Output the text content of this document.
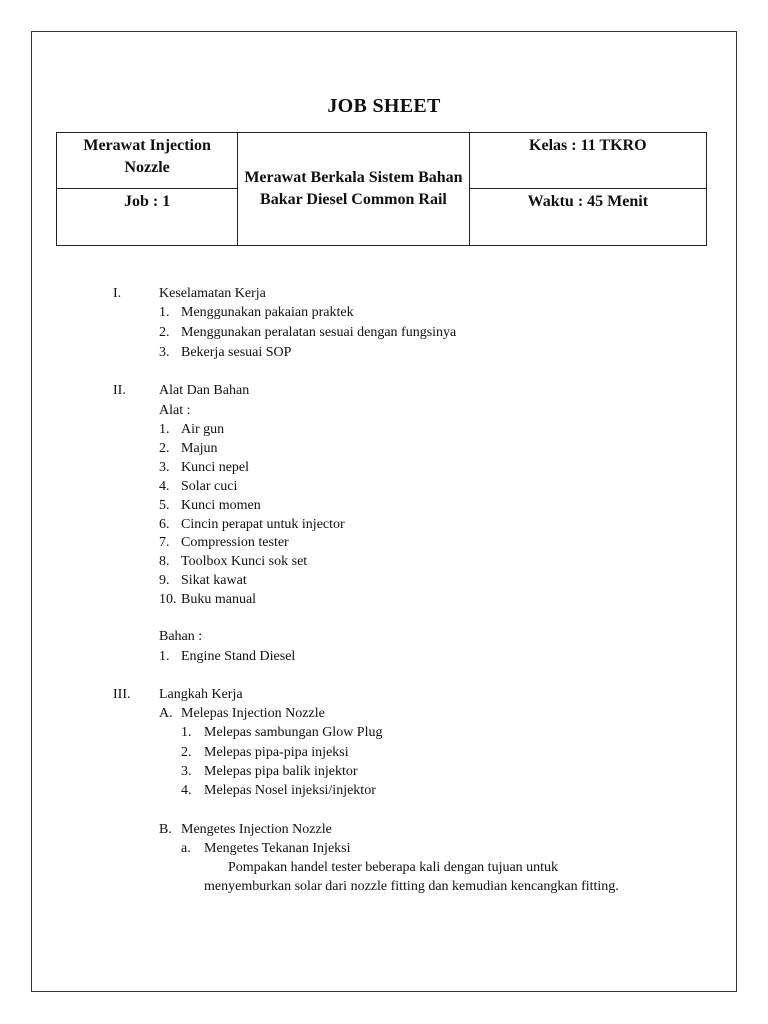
JOB SHEET
Merawat Injection Nozzle	Merawat Berkala Sistem Bahan Bakar Diesel Common Rail	Kelas : 11 TKRO
Job : 1		Waktu : 45 Menit
I.	Keselamatan Kerja
1. Menggunakan pakaian praktek
2. Menggunakan peralatan sesuai dengan fungsinya
3. Bekerja sesuai SOP
II. Alat Dan Bahan
Alat :
1. Air gun
2. Majun
3. Kunci nepel
4. Solar cuci
5. Kunci momen
6. Cincin perapat untuk injector
7. Compression tester
8. Toolbox Kunci sok set
9. Sikat kawat
10. Buku manual
Bahan :
1. Engine Stand Diesel
III. Langkah Kerja
A. Melepas Injection Nozzle
1. Melepas sambungan Glow Plug
2. Melepas pipa-pipa injeksi
3. Melepas pipa balik injektor
4. Melepas Nosel injeksi/injektor
B. Mengetes Injection Nozzle
a. Mengetes Tekanan Injeksi
Pompakan handel tester beberapa kali dengan tujuan untuk
menyemburkan solar dari nozzle fitting dan kemudian kencangkan fitting.
